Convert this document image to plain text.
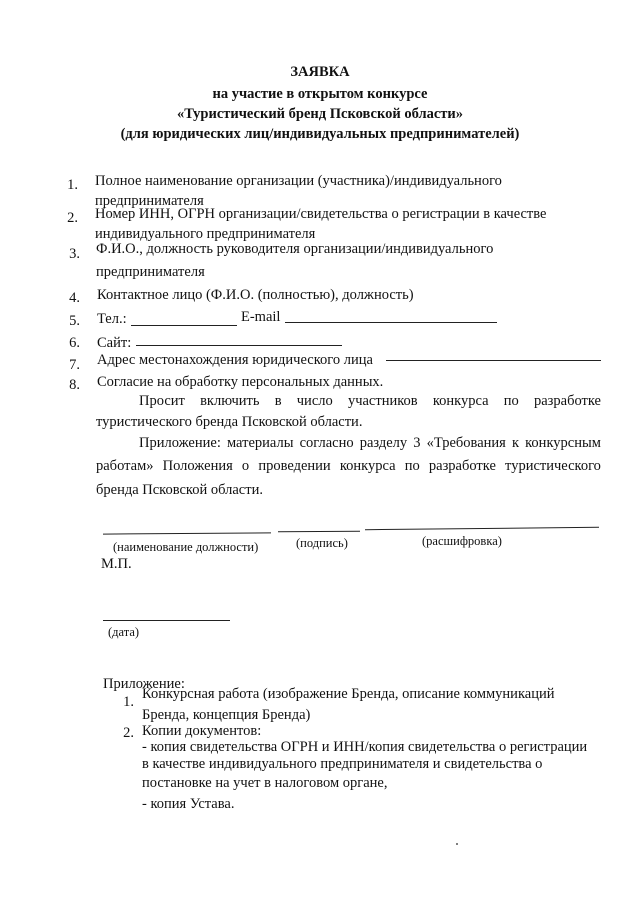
ЗАЯВКА
на участие в открытом конкурсе
«Туристический бренд Псковской области»
(для юридических лиц/индивидуальных предпринимателей)
1. Полное наименование организации (участника)/индивидуального
предпринимателя
2. Номер ИНН, ОГРН организации/свидетельства о регистрации в качестве
индивидуального предпринимателя
3. Ф.И.О., должность руководителя организации/индивидуального
предпринимателя
4. Контактное лицо (Ф.И.О. (полностью), должность)
5. Тел.:	E-mail
6. Сайт:
7. Адрес местонахождения юридического лица
8. Согласие на обработку персональных данных.
Просит включить в число участников конкурса по разработке
туристического бренда Псковской области.
Приложение: материалы согласно разделу 3 «Требования к конкурсным
работам» Положения о проведении конкурса по разработке туристического
бренда Псковской области.
(наименование должности)	(подпись)	(расшифровка)
М.П.
(дата)
Приложение:
1. Конкурсная работа (изображение Бренда, описание коммуникаций
Бренда, концепция Бренда)
2. Копии документов:
- копия свидетельства ОГРН и ИНН/копия свидетельства о регистрации
в качестве индивидуального предпринимателя и свидетельства о
постановке на учет в налоговом органе,
- копия Устава.
